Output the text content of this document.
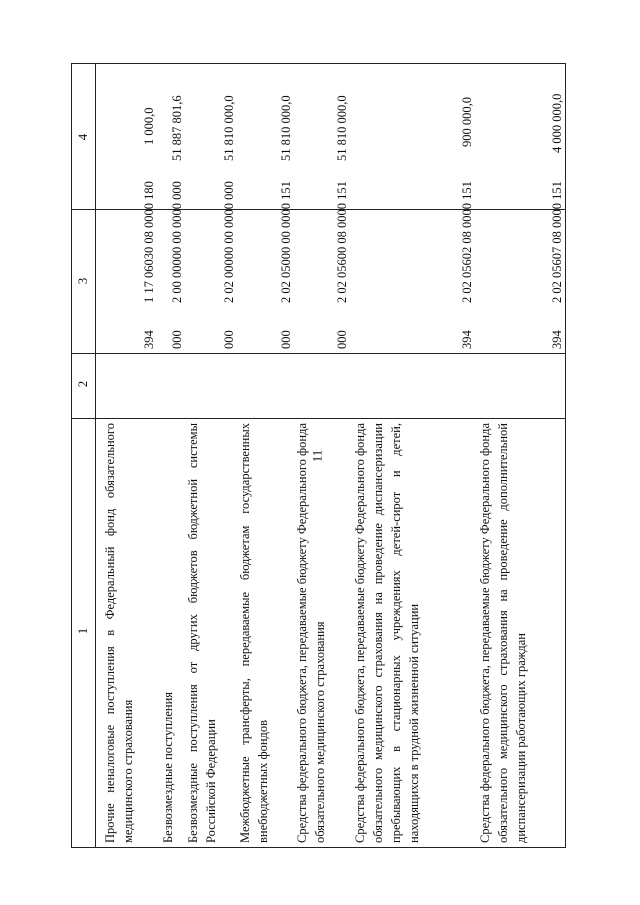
11
1
2
3
4
Прочие неналоговые поступления в Федеральный фонд обязательного медицинского страхования
394
1 17 06030 08 0000 180
1 000,0
Безвозмездные поступления
000
2 00 00000 00 0000 000
51 887 801,6
Безвозмездные поступления от других бюджетов бюджетной системы Российской Федерации
000
2 02 00000 00 0000 000
51 810 000,0
Межбюджетные трансферты, передаваемые бюджетам государственных внебюджетных фондов
000
2 02 05000 00 0000 151
51 810 000,0
Средства федерального бюджета, передаваемые бюджету Федерального фонда обязательного медицинского страхования
000
2 02 05600 08 0000 151
51 810 000,0
Средства федерального бюджета, передаваемые бюджету Федерального фонда обязательного медицинского страхования на проведение диспансеризации пребывающих в стационарных учреждениях детей-сирот и детей, находящихся в трудной жизненной ситуации
394
2 02 05602 08 0000 151
900 000,0
Средства федерального бюджета, передаваемые бюджету Федерального фонда обязательного медицинского страхования на проведение дополнительной диспансеризации работающих граждан
394
2 02 05607 08 0000 151
4 000 000,0
